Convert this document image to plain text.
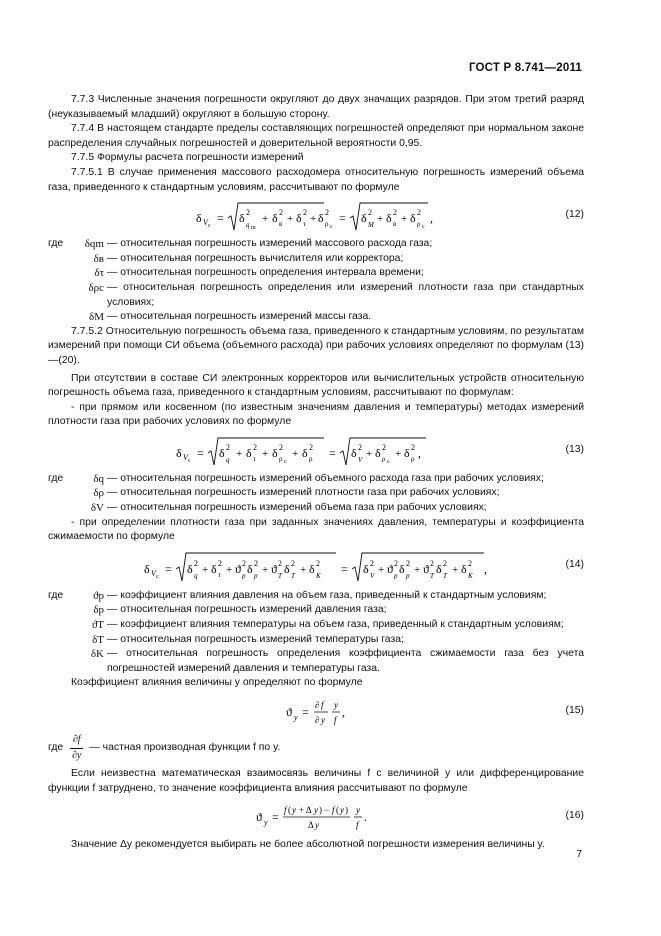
ГОСТ Р 8.741—2011

7.7.3 Численные значения погрешности округляют до двух значащих разрядов. При этом третий разряд (неуказываемый младший) округляют в большую сторону.

7.7.4 В настоящем стандарте пределы составляющих погрешностей определяют при нормальном законе распределения случайных погрешностей и доверительной вероятности 0,95.

7.7.5 Формулы расчета погрешности измерений

7.7.5.1 В случае применения массового расходомера относительную погрешность измерений объема газа, приведенного к стандартным условиям, рассчитывают по формуле

δ V c
= δ 2
q m
+ δ 2
в + δ 2
τ + δ 2
ρ c
= δ 2
M + δ 2
в + δ 2
ρ c
,	(12)
где	δqm — относительная погрешность измерений массового расхода газа;
δв — относительная погрешность вычислителя или корректора;
δτ — относительная погрешность определения интервала времени;
δρс — относительная погрешность определения или измерений плотности газа при стандартных условиях;
δM — относительная погрешность измерений массы газа.

7.7.5.2 Относительную погрешность объема газа, приведенного к стандартным условиям, по результатам измерений при помощи СИ объема (объемного расхода) при рабочих условиях определяют по формулам (13)—(20).

При отсутствии в составе СИ электронных корректоров или вычислительных устройств относительную погрешность объема газа, приведенного к стандартным условиям, рассчитывают по формулам:

- при прямом или косвенном (по известным значениям давления и температуры) методах измерений плотности газа при рабочих условиях по формуле

δ V c
= δ 2
q + δ 2
τ + δ 2
ρ c
+ δ 2
ρ = δ 2
V + δ 2
ρ c
+ δ 2
ρ ,	(13)
где	δq — относительная погрешность измерений объемного расхода газа при рабочих условиях;
δρ — относительная погрешность измерений плотности газа при рабочих условиях;
δV — относительная погрешность измерений объема газа при рабочих условиях;

- при определении плотности газа при заданных значениях давления, температуры и коэффициента сжимаемости по формуле

δ V c
= δ 2
q + δ 2
τ + ϑ 2
p δ 2
p + ϑ 2
T δ 2
T + δ 2
K = δ 2
V + ϑ 2
p δ 2
p + ϑ 2
T δ 2
T + δ 2
K ,	(14)
где	ϑp — коэффициент влияния давления на объем газа, приведенный к стандартным условиям;
δp — относительная погрешность измерений давления газа;
ϑT — коэффициент влияния температуры на объем газа, приведенный к стандартным условиям;
δT — относительная погрешность измерений температуры газа;
δK — относительная погрешность определения коэффициента сжимаемости газа без учета погрешностей измерений давления и температуры газа.

Коэффициент влияния величины y определяют по формуле

ϑ y = ∂ f
∂ y
y
f
,	(15)
где $\frac{\partial f}{\partial y}$ — частная производная функции f по y.

Если неизвестна математическая взаимосвязь величины f с величиной y или дифференцирование функции f затруднено, то значение коэффициента влияния рассчитывают по формуле

ϑ y = f ( y + Δ y ) − f ( y )
Δ y
y
f
.	(16)

Значение Δy рекомендуется выбирать не более абсолютной погрешности измерения величины y.

7
